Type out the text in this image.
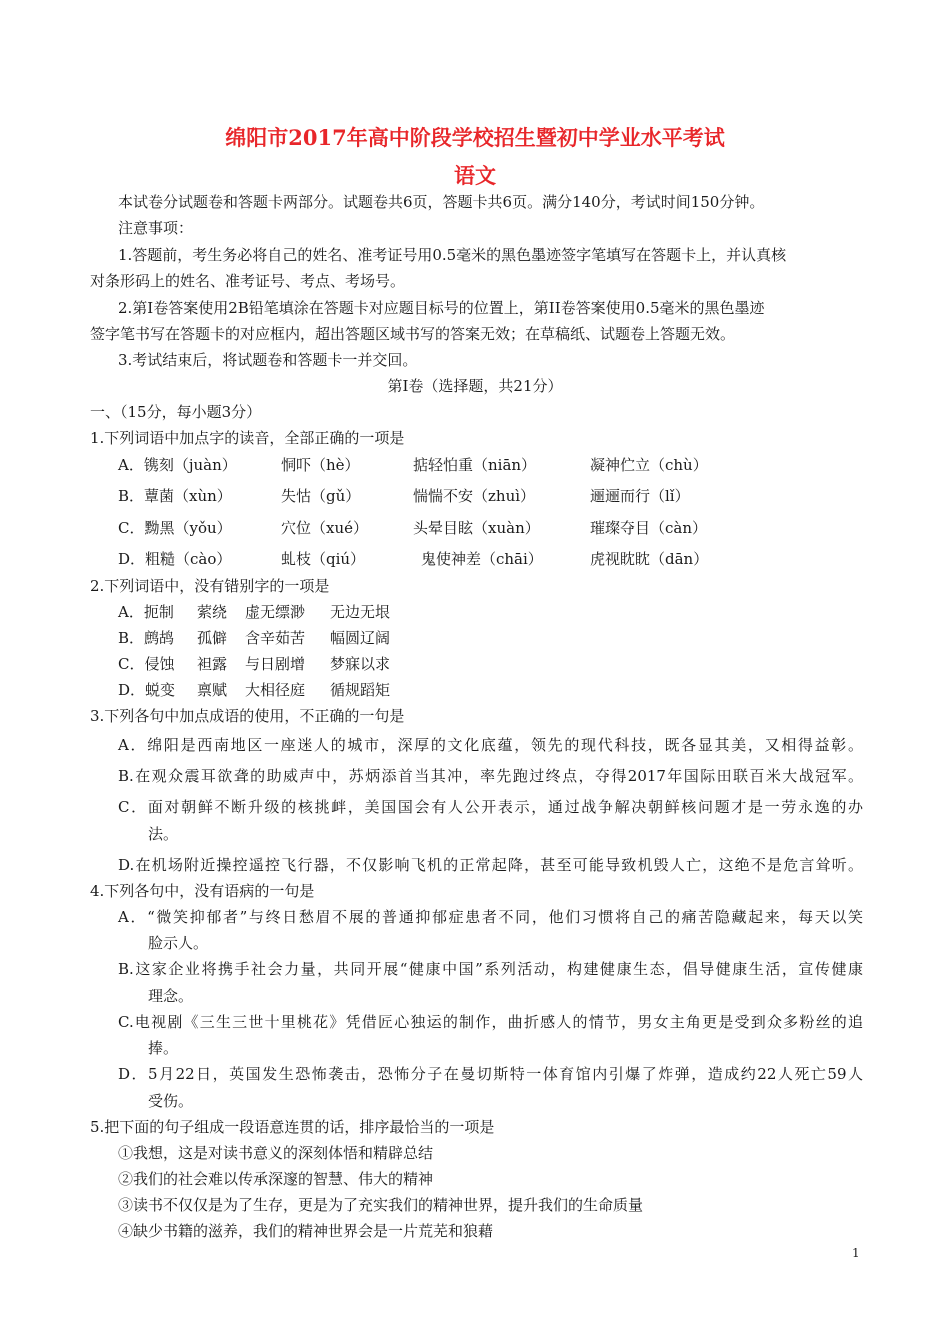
绵阳市2017年高中阶段学校招生暨初中学业水平考试
语文
本试卷分试题卷和答题卡两部分。试题卷共6页，答题卡共6页。满分140分，考试时间150分钟。
注意事项：
1.答题前，考生务必将自己的姓名、准考证号用0.5毫米的黑色墨迹签字笔填写在答题卡上，并认真核
对条形码上的姓名、准考证号、考点、考场号。
2.第Ⅰ卷答案使用2B铅笔填涂在答题卡对应题目标号的位置上，第II卷答案使用0.5毫米的黑色墨迹
签字笔书写在答题卡的对应框内，超出答题区域书写的答案无效；在草稿纸、试题卷上答题无效。
3.考试结束后，将试题卷和答题卡一并交回。
第Ⅰ卷（选择题，共21分）
一、（15分，每小题3分）
1.下列词语中加点字的读音，全部正确的一项是
A．镌刻（juàn）	恫吓（hè）	掂轻怕重（niān）	凝神伫立（chù）
B．蕈菌（xùn）	失怙（gǔ）	惴惴不安（zhuì）	逦逦而行（lǐ）
C．黝黑（yǒu）	穴位（xué）	头晕目眩（xuàn）	璀璨夺目（càn）
D．粗糙（cào）	虬枝（qiú）	鬼使神差（chāi）	虎视眈眈（dān）
2.下列词语中，没有错别字的一项是
A．扼制 萦绕 虚无缥渺 无边无垠
B．鹧鸪 孤僻 含辛茹苦 幅圆辽阔
C．侵蚀 袒露 与日剧增 梦寐以求
D．蜕变 禀赋 大相径庭 循规蹈矩
3.下列各句中加点成语的使用，不正确的一句是
A．绵阳是西南地区一座迷人的城市，深厚的文化底蕴，领先的现代科技，既各显其美，又相得益彰。
B.在观众震耳欲聋的助威声中，苏炳添首当其冲，率先跑过终点，夺得2017年国际田联百米大战冠军。
C．面对朝鲜不断升级的核挑衅，美国国会有人公开表示，通过战争解决朝鲜核问题才是一劳永逸的办
法。
D.在机场附近操控遥控飞行器，不仅影响飞机的正常起降，甚至可能导致机毁人亡，这绝不是危言耸听。
4.下列各句中，没有语病的一句是
A．“微笑抑郁者”与终日愁眉不展的普通抑郁症患者不同，他们习惯将自己的痛苦隐藏起来，每天以笑
脸示人。
B.这家企业将携手社会力量，共同开展“健康中国”系列活动，构建健康生态，倡导健康生活，宣传健康
理念。
C.电视剧《三生三世十里桃花》凭借匠心独运的制作，曲折感人的情节，男女主角更是受到众多粉丝的追
捧。
D．5月22日，英国发生恐怖袭击，恐怖分子在曼切斯特一体育馆内引爆了炸弹，造成约22人死亡59人
受伤。
5.把下面的句子组成一段语意连贯的话，排序最恰当的一项是
①我想，这是对读书意义的深刻体悟和精辟总结
②我们的社会难以传承深邃的智慧、伟大的精神
③读书不仅仅是为了生存，更是为了充实我们的精神世界，提升我们的生命质量
④缺少书籍的滋养，我们的精神世界会是一片荒芜和狼藉
1
